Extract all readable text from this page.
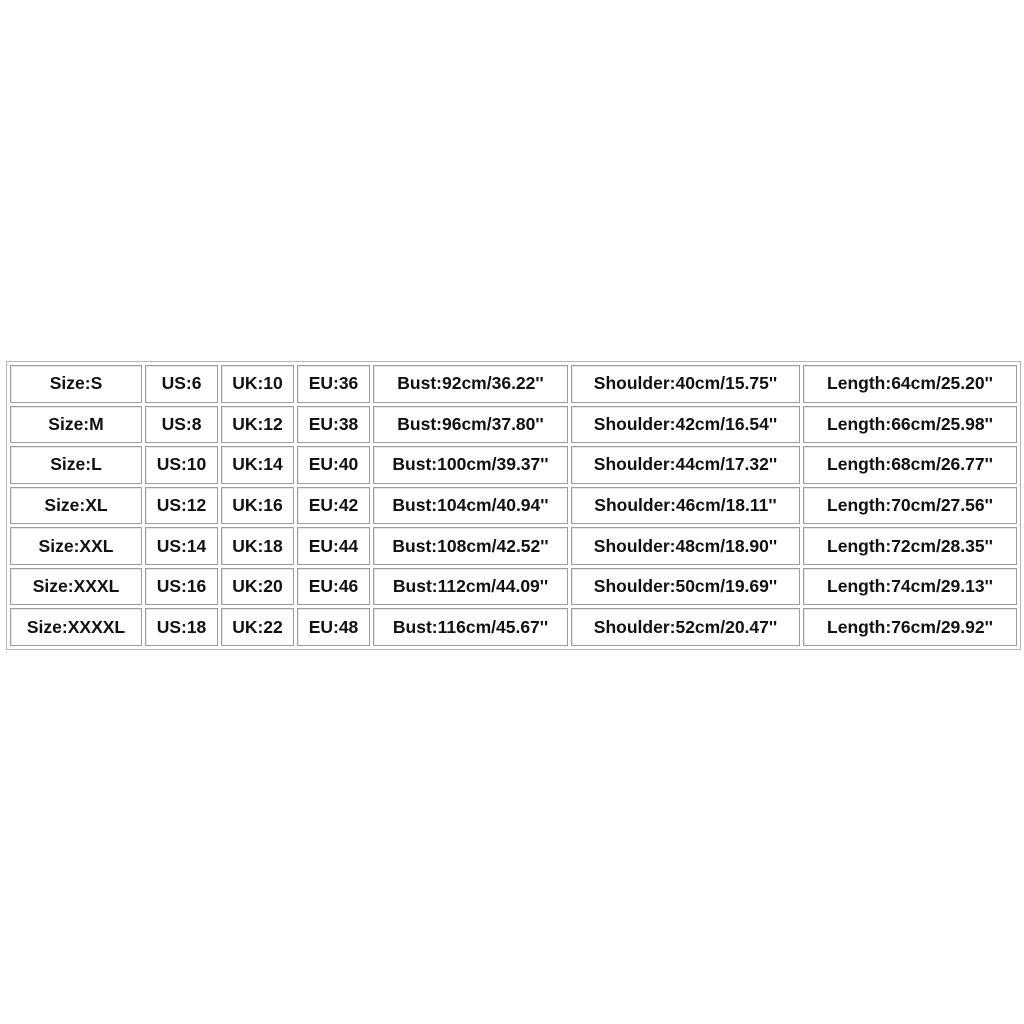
Size:S	US:6	UK:10	EU:36	Bust:92cm/36.22''	Shoulder:40cm/15.75''	Length:64cm/25.20''
Size:M	US:8	UK:12	EU:38	Bust:96cm/37.80''	Shoulder:42cm/16.54''	Length:66cm/25.98''
Size:L	US:10	UK:14	EU:40	Bust:100cm/39.37''	Shoulder:44cm/17.32''	Length:68cm/26.77''
Size:XL	US:12	UK:16	EU:42	Bust:104cm/40.94''	Shoulder:46cm/18.11''	Length:70cm/27.56''
Size:XXL	US:14	UK:18	EU:44	Bust:108cm/42.52''	Shoulder:48cm/18.90''	Length:72cm/28.35''
Size:XXXL	US:16	UK:20	EU:46	Bust:112cm/44.09''	Shoulder:50cm/19.69''	Length:74cm/29.13''
Size:XXXXL	US:18	UK:22	EU:48	Bust:116cm/45.67''	Shoulder:52cm/20.47''	Length:76cm/29.92''
